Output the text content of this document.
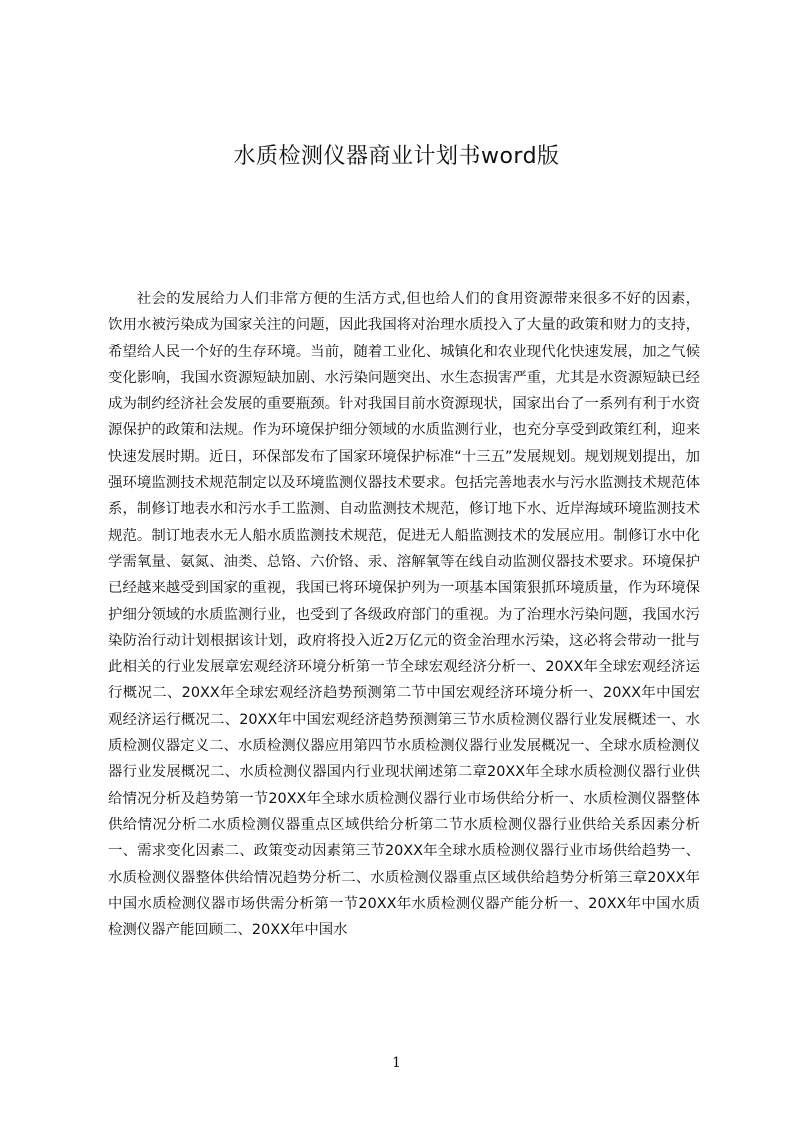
水质检测仪器商业计划书word版

社会的发展给力人们非常方便的生活方式,但也给人们的食用资源带来很多不好的因素，饮用水被污染成为国家关注的问题，因此我国将对治理水质投入了大量的政策和财力的支持，希望给人民一个好的生存环境。当前，随着工业化、城镇化和农业现代化快速发展，加之气候变化影响，我国水资源短缺加剧、水污染问题突出、水生态损害严重，尤其是水资源短缺已经成为制约经济社会发展的重要瓶颈。针对我国目前水资源现状，国家出台了一系列有利于水资源保护的政策和法规。作为环境保护细分领域的水质监测行业，也充分享受到政策红利，迎来快速发展时期。近日，环保部发布了国家环境保护标准“十三五”发展规划。规划规划提出，加强环境监测技术规范制定以及环境监测仪器技术要求。包括完善地表水与污水监测技术规范体系，制修订地表水和污水手工监测、自动监测技术规范，修订地下水、近岸海域环境监测技术规范。制订地表水无人船水质监测技术规范，促进无人船监测技术的发展应用。制修订水中化学需氧量、氨氮、油类、总铬、六价铬、汞、溶解氧等在线自动监测仪器技术要求。环境保护已经越来越受到国家的重视，我国已将环境保护列为一项基本国策狠抓环境质量，作为环境保护细分领域的水质监测行业，也受到了各级政府部门的重视。为了治理水污染问题，我国水污染防治行动计划根据该计划，政府将投入近2万亿元的资金治理水污染，这必将会带动一批与此相关的行业发展章宏观经济环境分析第一节全球宏观经济分析一、20XX年全球宏观经济运行概况二、20XX年全球宏观经济趋势预测第二节中国宏观经济环境分析一、20XX年中国宏观经济运行概况二、20XX年中国宏观经济趋势预测第三节水质检测仪器行业发展概述一、水质检测仪器定义二、水质检测仪器应用第四节水质检测仪器行业发展概况一、全球水质检测仪器行业发展概况二、水质检测仪器国内行业现状阐述第二章20XX年全球水质检测仪器行业供给情况分析及趋势第一节20XX年全球水质检测仪器行业市场供给分析一、水质检测仪器整体供给情况分析二水质检测仪器重点区域供给分析第二节水质检测仪器行业供给关系因素分析一、需求变化因素二、政策变动因素第三节20XX年全球水质检测仪器行业市场供给趋势一、水质检测仪器整体供给情况趋势分析二、水质检测仪器重点区域供给趋势分析第三章20XX年中国水质检测仪器市场供需分析第一节20XX年水质检测仪器产能分析一、20XX年中国水质检测仪器产能回顾二、20XX年中国水

1
